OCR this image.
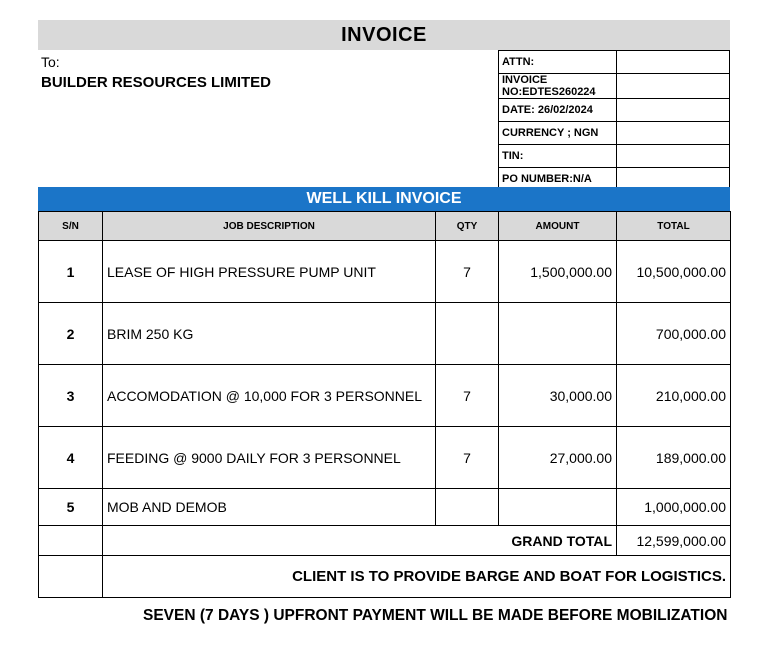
INVOICE
To:
BUILDER RESOURCES LIMITED
ATTN:	
INVOICE NO:EDTES260224	
DATE: 26/02/2024	
CURRENCY ; NGN	
TIN:	
PO NUMBER:N/A	
WELL KILL INVOICE
S/N	JOB DESCRIPTION	QTY	AMOUNT	TOTAL
1	LEASE OF HIGH PRESSURE PUMP UNIT	7	1,500,000.00	10,500,000.00
2	BRIM 250 KG			700,000.00
3	ACCOMODATION @ 10,000 FOR 3 PERSONNEL	7	30,000.00	210,000.00
4	FEEDING @ 9000 DAILY FOR 3 PERSONNEL	7	27,000.00	189,000.00
5	MOB AND DEMOB			1,000,000.00
	GRAND TOTAL			12,599,000.00
	CLIENT IS TO PROVIDE BARGE AND BOAT FOR LOGISTICS.			
SEVEN (7 DAYS ) UPFRONT PAYMENT WILL BE MADE BEFORE MOBILIZATION
